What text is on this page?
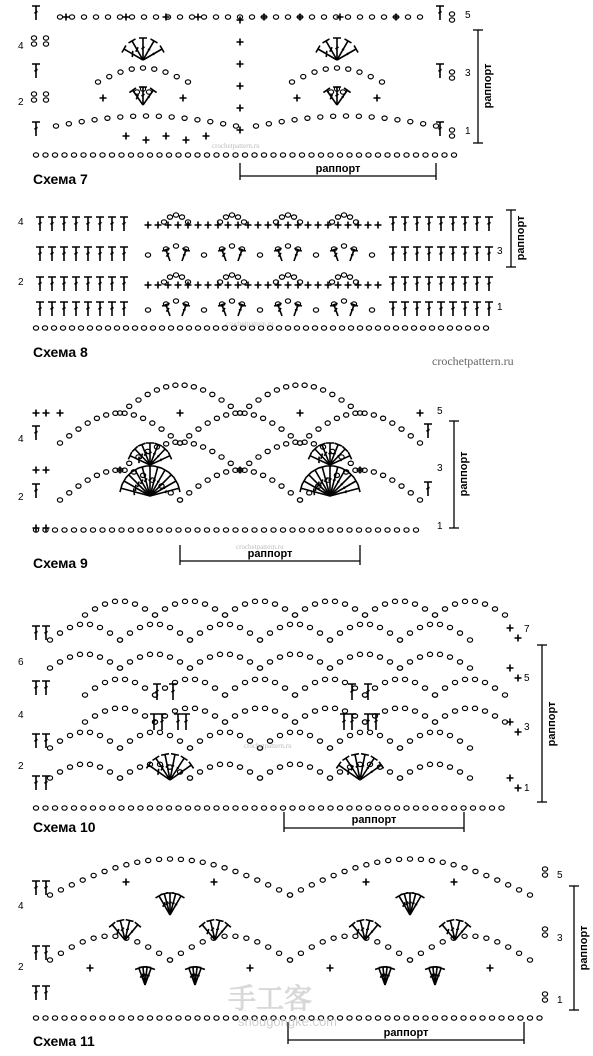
Схема 7
4
2
5
3
1
раппорт
раппорт
crochetpattern.ru
Схема 8
4
2
3
1
раппорт
crochetpattern.ru
crochetpattern.ru
Схема 9
4
2
5
3
1
раппорт
раппорт
crochetpattern.ru
Схема 10
6
4
2
7
5
3
1
раппорт
раппорт
crochetpattern.ru
Схема 11
4
2
5
3
1
раппорт
раппорт
手工客
shougongke.com
